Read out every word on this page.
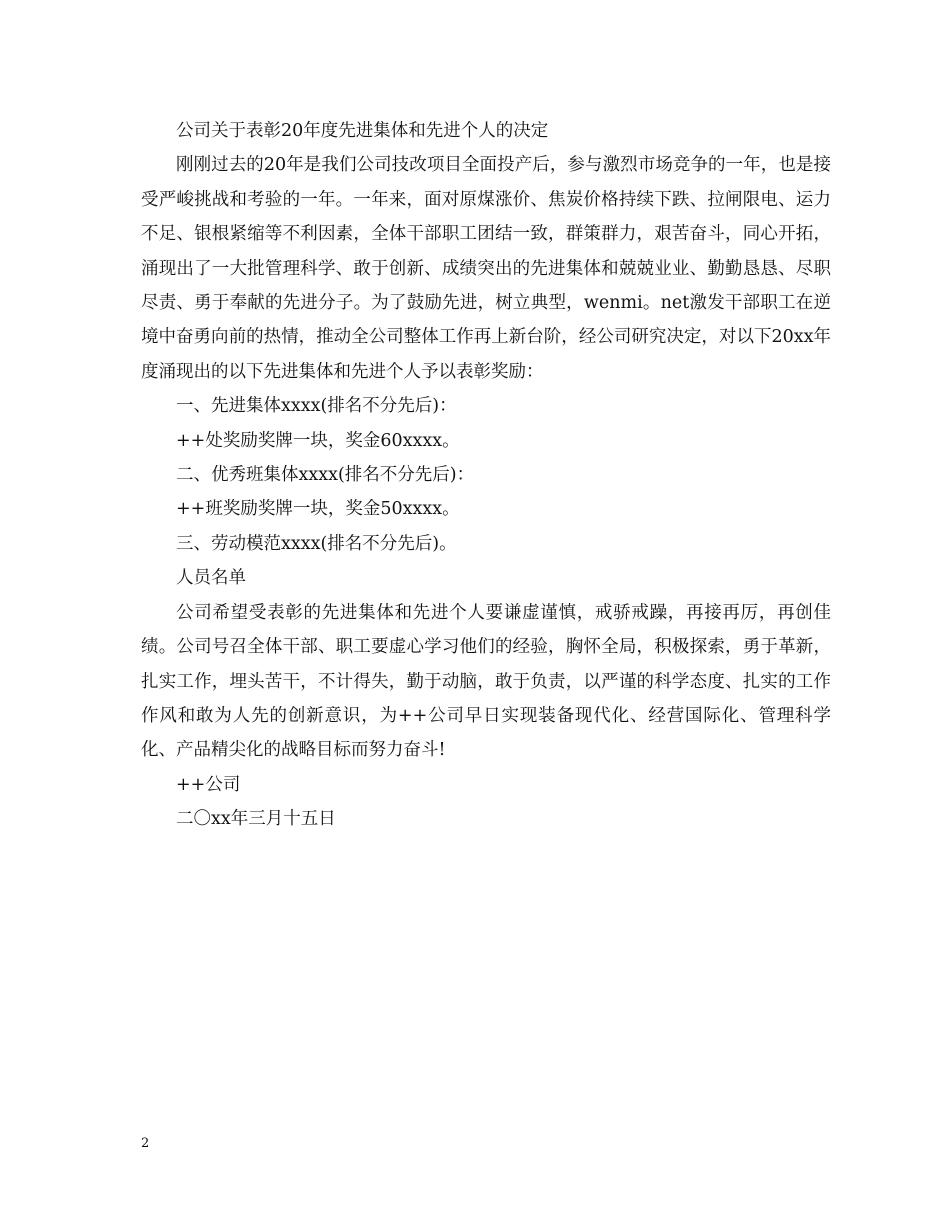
公司关于表彰20年度先进集体和先进个人的决定

刚刚过去的20年是我们公司技改项目全面投产后，参与激烈市场竞争的一年，也是接受严峻挑战和考验的一年。一年来，面对原煤涨价、焦炭价格持续下跌、拉闸限电、运力不足、银根紧缩等不利因素，全体干部职工团结一致，群策群力，艰苦奋斗，同心开拓，涌现出了一大批管理科学、敢于创新、成绩突出的先进集体和兢兢业业、勤勤恳恳、尽职尽责、勇于奉献的先进分子。为了鼓励先进，树立典型，wenmi。net激发干部职工在逆境中奋勇向前的热情，推动全公司整体工作再上新台阶，经公司研究决定，对以下20xx年度涌现出的以下先进集体和先进个人予以表彰奖励：

一、先进集体xxxx(排名不分先后)：

++处奖励奖牌一块，奖金60xxxx。

二、优秀班集体xxxx(排名不分先后)：

++班奖励奖牌一块，奖金50xxxx。

三、劳动模范xxxx(排名不分先后)。

人员名单

公司希望受表彰的先进集体和先进个人要谦虚谨慎，戒骄戒躁，再接再厉，再创佳绩。公司号召全体干部、职工要虚心学习他们的经验，胸怀全局，积极探索，勇于革新，扎实工作，埋头苦干，不计得失，勤于动脑，敢于负责，以严谨的科学态度、扎实的工作作风和敢为人先的创新意识，为++公司早日实现装备现代化、经营国际化、管理科学化、产品精尖化的战略目标而努力奋斗!

++公司

二〇xx年三月十五日

2
